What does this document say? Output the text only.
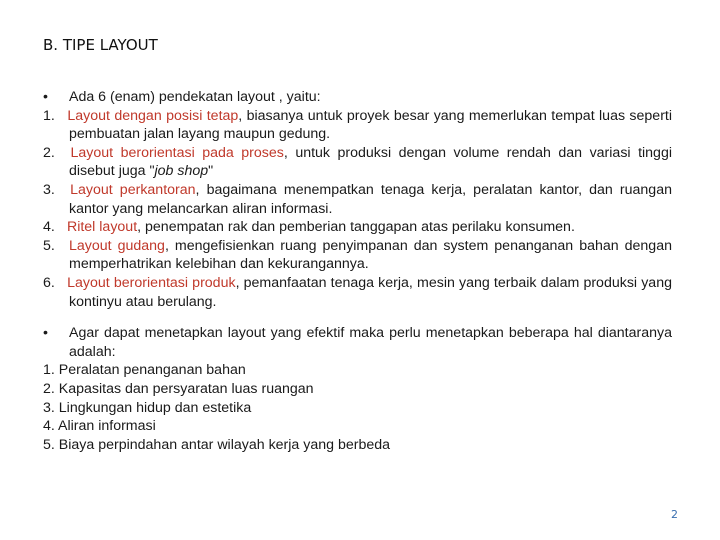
B. TIPE LAYOUT

• Ada 6 (enam) pendekatan layout , yaitu:

1. Layout dengan posisi tetap, biasanya untuk proyek besar yang memerlukan tempat luas seperti pembuatan jalan layang maupun gedung.

2. Layout berorientasi pada proses, untuk produksi dengan volume rendah dan variasi tinggi disebut juga "job shop"

3. Layout perkantoran, bagaimana menempatkan tenaga kerja, peralatan kantor, dan ruangan kantor yang melancarkan aliran informasi.

4. Ritel layout, penempatan rak dan pemberian tanggapan atas perilaku konsumen.

5. Layout gudang, mengefisienkan ruang penyimpanan dan system penanganan bahan dengan memperhatrikan kelebihan dan kekurangannya.

6. Layout berorientasi produk, pemanfaatan tenaga kerja, mesin yang terbaik dalam produksi yang kontinyu atau berulang.

• Agar dapat menetapkan layout yang efektif maka perlu menetapkan beberapa hal diantaranya adalah:

1. Peralatan penanganan bahan

2. Kapasitas dan persyaratan luas ruangan

3. Lingkungan hidup dan estetika

4. Aliran informasi

5. Biaya perpindahan antar wilayah kerja yang berbeda

2
